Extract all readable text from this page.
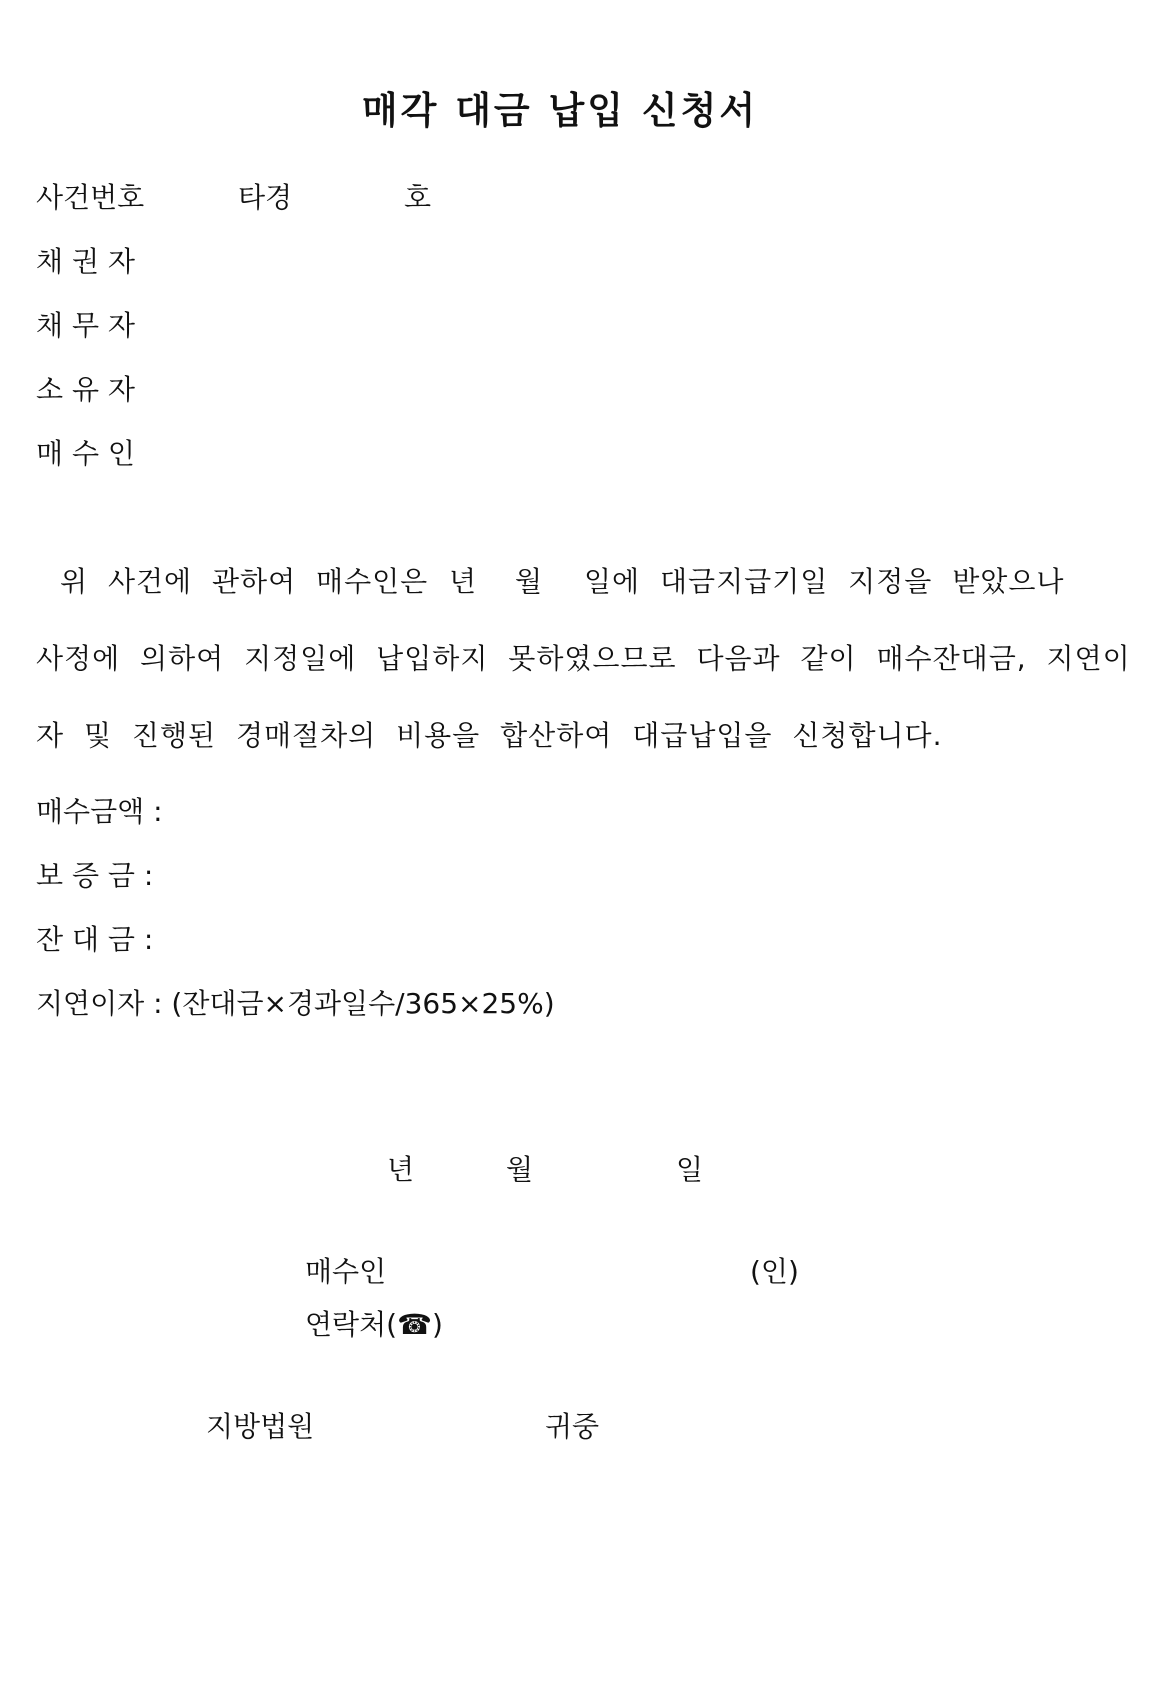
매각 대금 납입 신청서
사건번호	타경	호
채 권 자
채 무 자
소 유 자
매 수 인
위 사건에 관하여 매수인은 년 월 일에 대금지급기일 지정을 받았으나
사정에 의하여 지정일에 납입하지 못하였으므로 다음과 같이 매수잔대금, 지연이
자 및 진행된 경매절차의 비용을 합산하여 대급납입을 신청합니다.
매수금액 :
보 증 금 :
잔 대 금 :
지연이자 : (잔대금×경과일수/365×25%)
년	월	일
매수인	(인)
연락처(☎)
지방법원	귀중
